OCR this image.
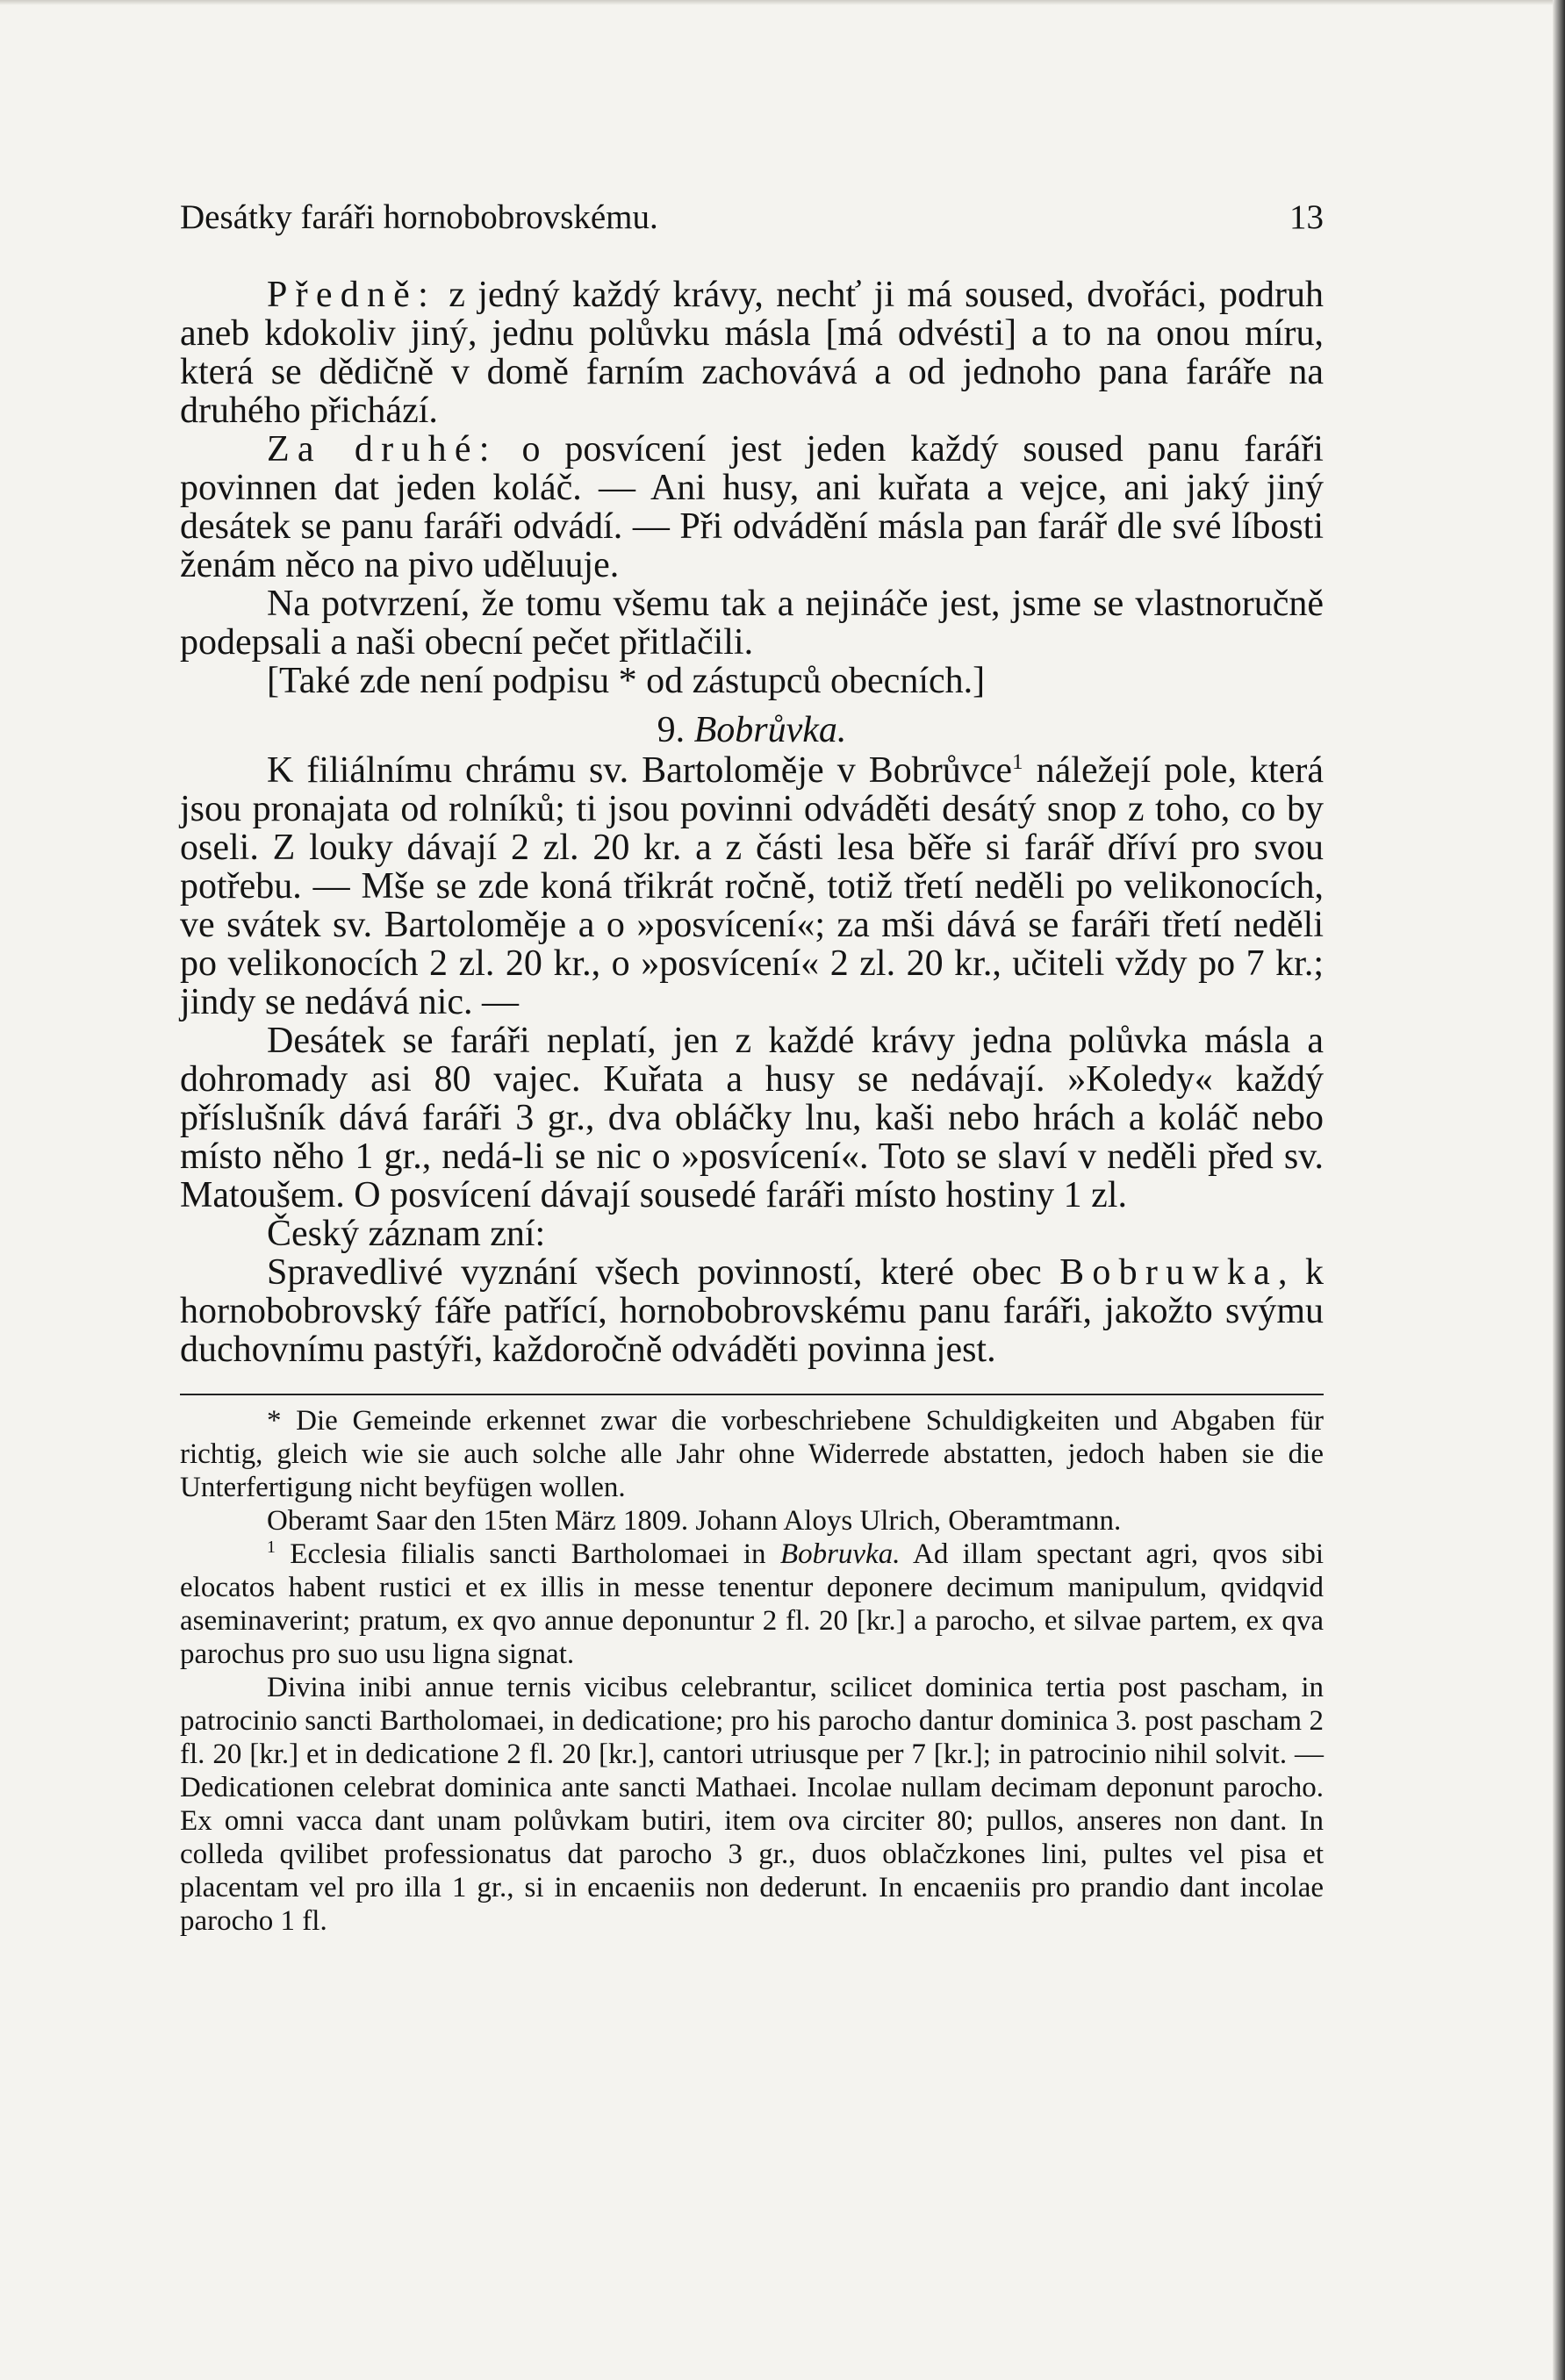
Desátky faráři hornobobrovskému.	13

Předně: z jedný každý krávy, nechť ji má soused, dvořáci, podruh aneb kdokoliv jiný, jednu polůvku másla [má odvésti] a to na onou míru, která se dědičně v domě farním zachovává a od jednoho pana faráře na druhého přichází.

Za druhé: o posvícení jest jeden každý soused panu faráři povinnen dat jeden koláč. — Ani husy, ani kuřata a vejce, ani jaký jiný desátek se panu faráři odvádí. — Při odvádění másla pan farář dle své líbosti ženám něco na pivo uděluuje.

Na potvrzení, že tomu všemu tak a nejináče jest, jsme se vlastnoručně podepsali a naši obecní pečet přitlačili.

[Také zde není podpisu * od zástupců obecních.]

9. Bobrůvka.

K filiálnímu chrámu sv. Bartoloměje v Bobrůvce$^1$ náležejí pole, která jsou pronajata od rolníků; ti jsou povinni odváděti desátý snop z toho, co by oseli. Z louky dávají 2 zl. 20 kr. a z části lesa běře si farář dříví pro svou potřebu. — Mše se zde koná třikrát ročně, totiž třetí neděli po velikonocích, ve svátek sv. Bartoloměje a o »posvícení«; za mši dává se faráři třetí neděli po velikonocích 2 zl. 20 kr., o »posvícení« 2 zl. 20 kr., učiteli vždy po 7 kr.; jindy se nedává nic. —

Desátek se faráři neplatí, jen z každé krávy jedna polůvka másla a dohromady asi 80 vajec. Kuřata a husy se nedávají. »Koledy« každý příslušník dává faráři 3 gr., dva obláčky lnu, kaši nebo hrách a koláč nebo místo něho 1 gr., nedá-li se nic o »posvícení«. Toto se slaví v neděli před sv. Matoušem. O posvícení dávají sousedé faráři místo hostiny 1 zl.

Český záznam zní:

Spravedlivé vyznání všech povinností, které obec Bobruwka, k hornobobrovský fáře patřící, hornobobrovskému panu faráři, jakožto svýmu duchovnímu pastýři, každoročně odváděti povinna jest.

* Die Gemeinde erkennet zwar die vorbeschriebene Schuldigkeiten und Abgaben für richtig, gleich wie sie auch solche alle Jahr ohne Widerrede abstatten, jedoch haben sie die Unterfertigung nicht beyfügen wollen.

Oberamt Saar den 15ten März 1809. Johann Aloys Ulrich, Oberamtmann.

$^1$ Ecclesia filialis sancti Bartholomaei in Bobruvka. Ad illam spectant agri, qvos sibi elocatos habent rustici et ex illis in messe tenentur deponere decimum manipulum, qvidqvid aseminaverint; pratum, ex qvo annue deponuntur 2 fl. 20 [kr.] a parocho, et silvae partem, ex qva parochus pro suo usu ligna signat.

Divina inibi annue ternis vicibus celebrantur, scilicet dominica tertia post pascham, in patrocinio sancti Bartholomaei, in dedicatione; pro his parocho dantur dominica 3. post pascham 2 fl. 20 [kr.] et in dedicatione 2 fl. 20 [kr.], cantori utriusque per 7 [kr.]; in patrocinio nihil solvit. — Dedicationen celebrat dominica ante sancti Mathaei. Incolae nullam decimam deponunt parocho. Ex omni vacca dant unam polůvkam butiri, item ova circiter 80; pullos, anseres non dant. In colleda qvilibet professionatus dat parocho 3 gr., duos oblačzkones lini, pultes vel pisa et placentam vel pro illa 1 gr., si in encaeniis non dederunt. In encaeniis pro prandio dant incolae parocho 1 fl.
